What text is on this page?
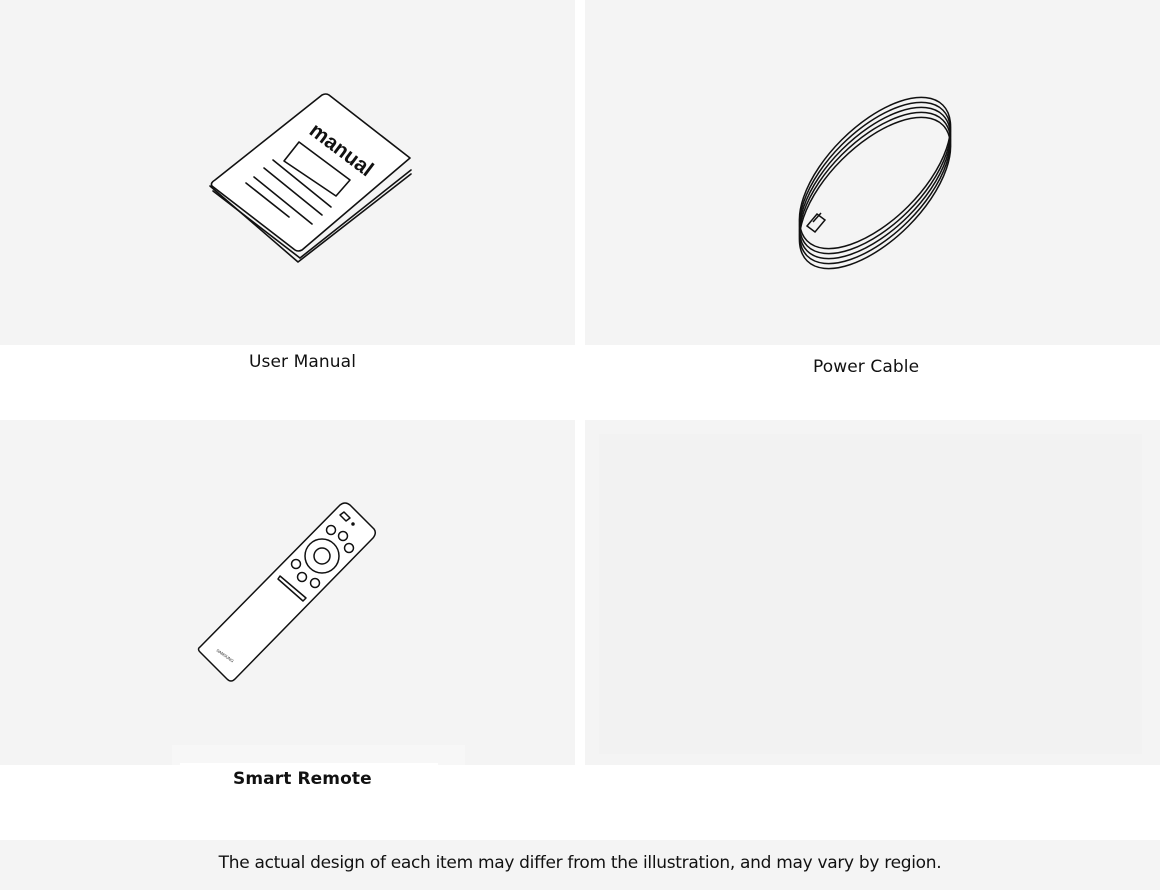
manual
User Manual	Power Cable
SAMSUNG
Smart Remote
The actual design of each item may differ from the illustration, and may vary by region.
